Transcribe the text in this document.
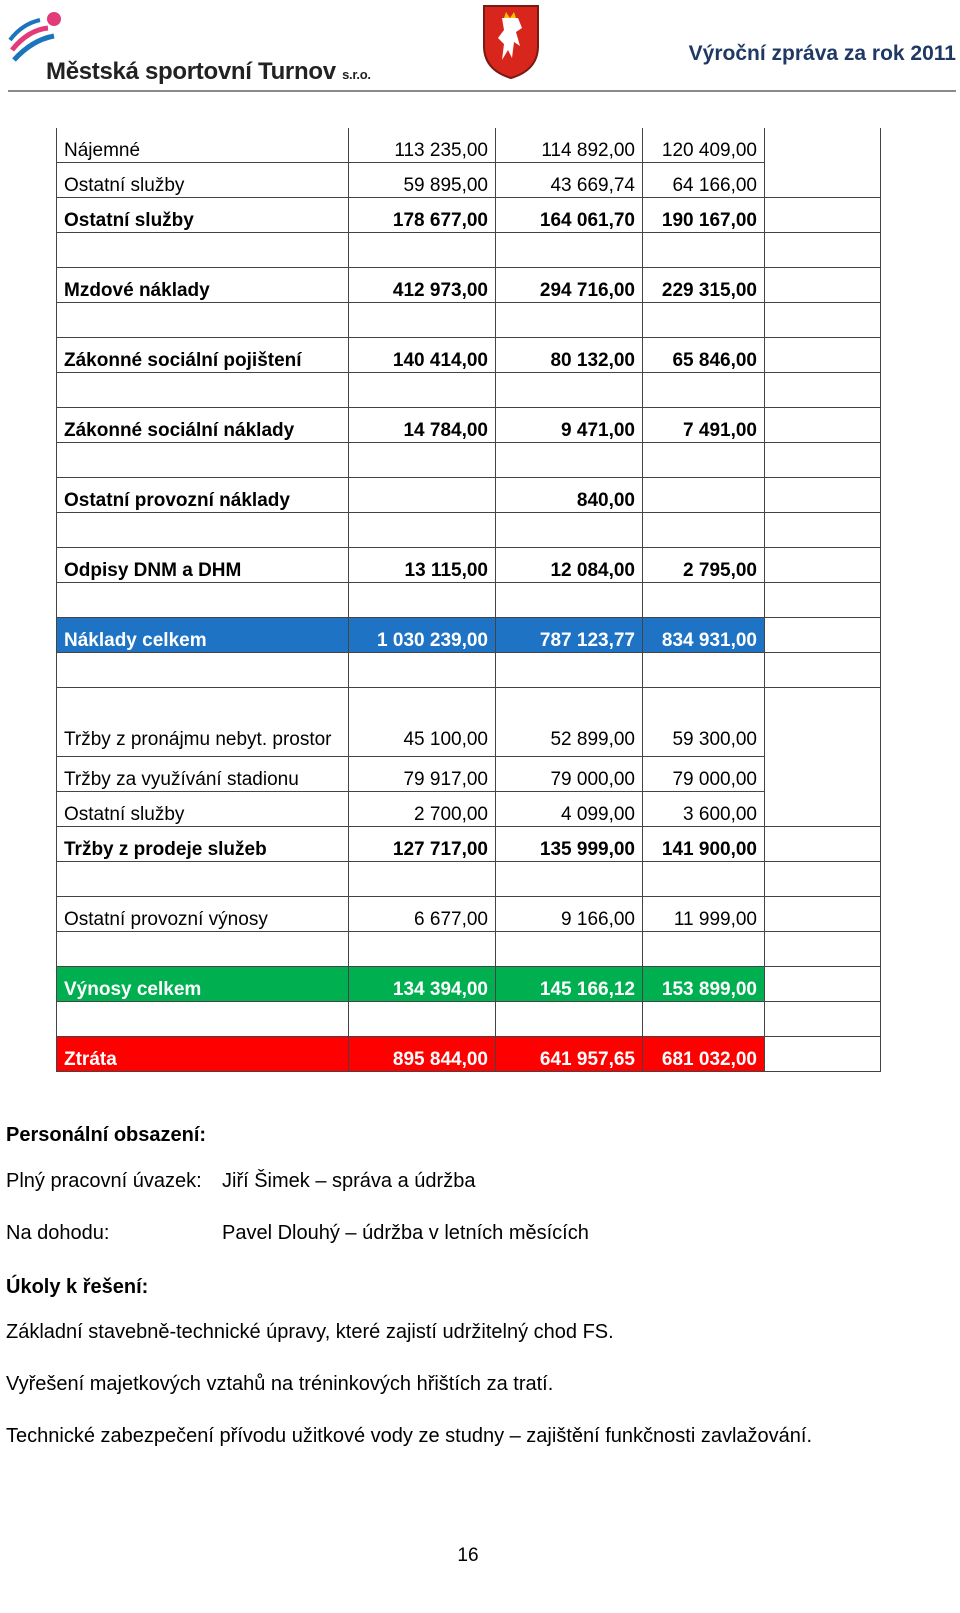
Městská sportovní Turnov s.r.o.
Výroční zpráva za rok 2011
Nájemné	113 235,00	114 892,00	120 409,00	
Ostatní služby	59 895,00	43 669,74	64 166,00	
Ostatní služby	178 677,00	164 061,70	190 167,00	

Mzdové náklady	412 973,00	294 716,00	229 315,00	

Zákonné sociální pojištení	140 414,00	80 132,00	65 846,00	

Zákonné sociální náklady	14 784,00	9 471,00	7 491,00	

Ostatní provozní náklady		840,00		

Odpisy DNM a DHM	13 115,00	12 084,00	2 795,00	

Náklady celkem	1 030 239,00	787 123,77	834 931,00	

Tržby z pronájmu nebyt. prostor	45 100,00	52 899,00	59 300,00	
Tržby za využívání stadionu	79 917,00	79 000,00	79 000,00	
Ostatní služby	2 700,00	4 099,00	3 600,00	
Tržby z prodeje služeb	127 717,00	135 999,00	141 900,00	

Ostatní provozní výnosy	6 677,00	9 166,00	11 999,00	

Výnosy celkem	134 394,00	145 166,12	153 899,00	

Ztráta	895 844,00	641 957,65	681 032,00	
Personální obsazení:
Plný pracovní úvazek: Jiří Šimek – správa a údržba
Na dohodu:	Pavel Dlouhý – údržba v letních měsících
Úkoly k řešení:
Základní stavebně-technické úpravy, které zajistí udržitelný chod FS.
Vyřešení majetkových vztahů na tréninkových hřištích za tratí.
Technické zabezpečení přívodu užitkové vody ze studny – zajištění funkčnosti zavlažování.
16
